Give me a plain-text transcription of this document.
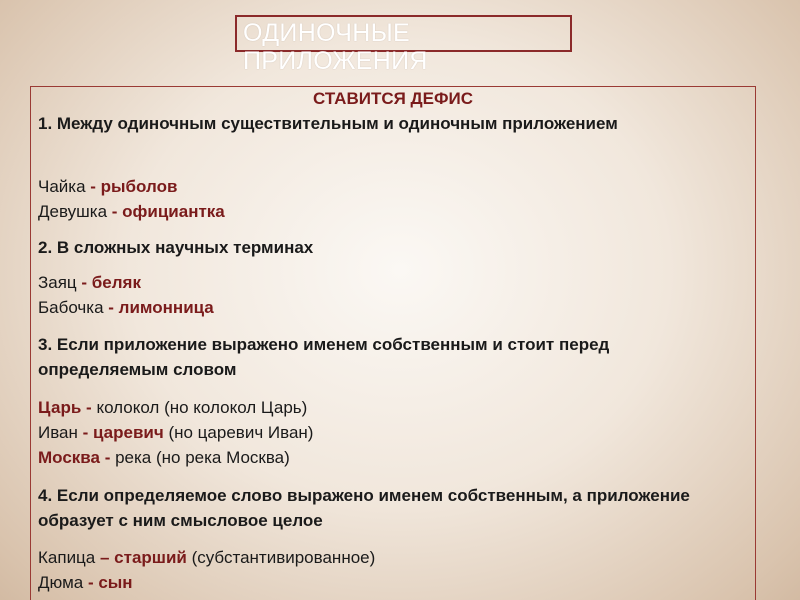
ОДИНОЧНЫЕ ПРИЛОЖЕНИЯ
СТАВИТСЯ ДЕФИС
1. Между одиночным существительным и одиночным приложением
Чайка - рыболов
Девушка - официантка
2. В сложных научных терминах
Заяц - беляк
Бабочка - лимонница
3. Если приложение выражено именем собственным и стоит перед определяемым словом
Царь - колокол (но колокол Царь)
Иван - царевич (но царевич Иван)
Москва - река (но река Москва)
4. Если определяемое слово выражено именем собственным, а приложение образует с ним смысловое целое
Капица – старший (субстантивированное)
Дюма - сын
